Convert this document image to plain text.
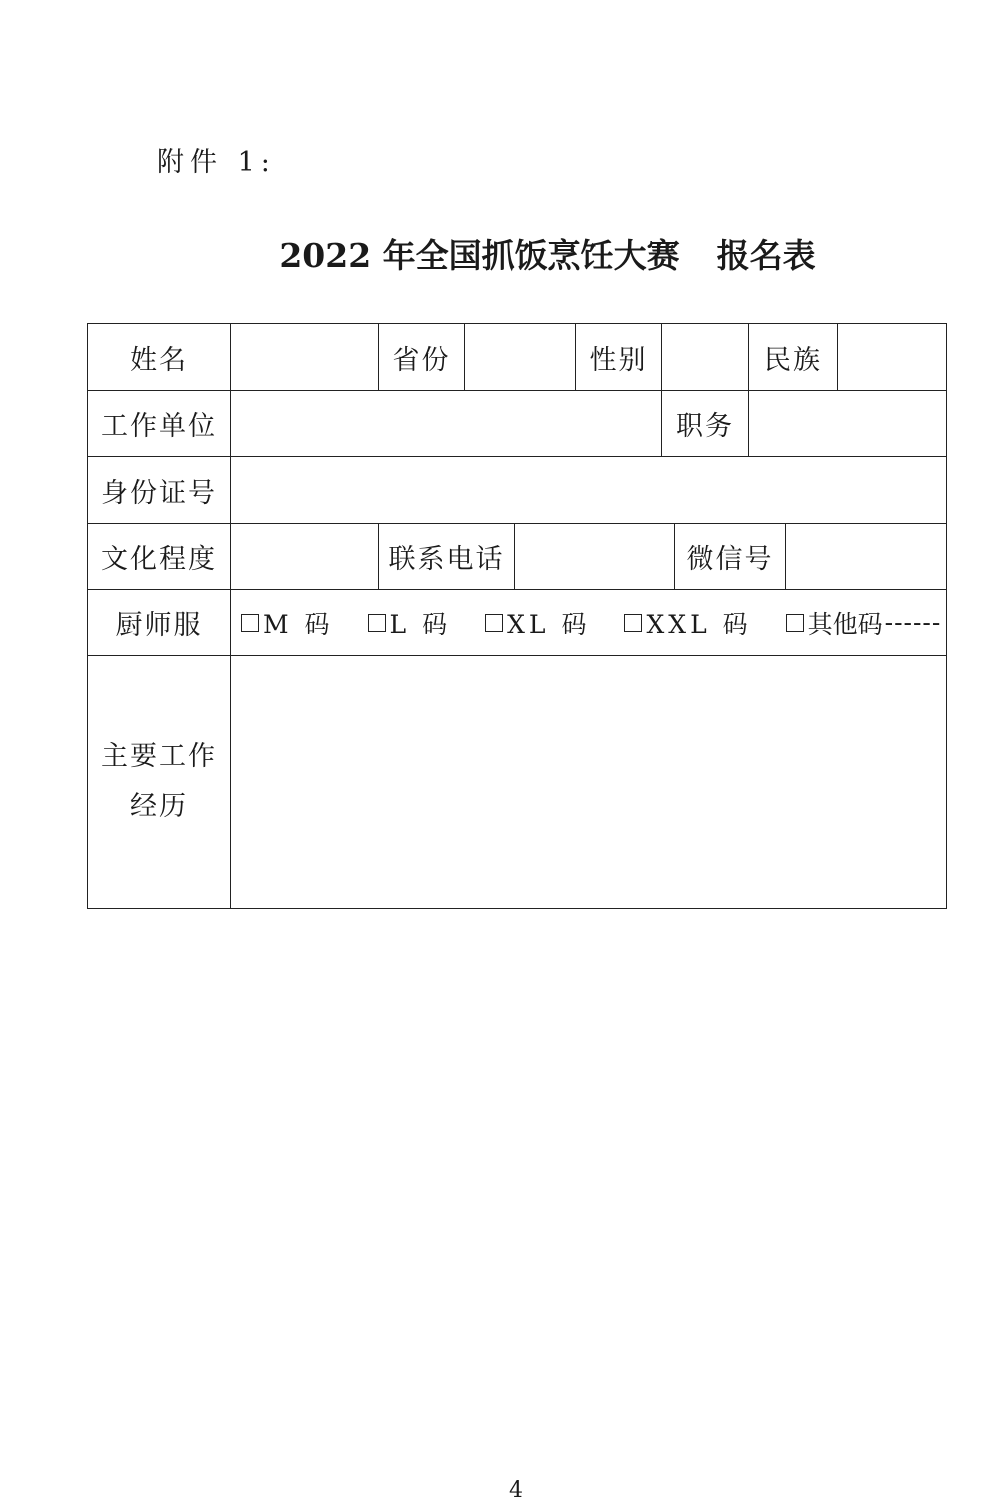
附件 1:
2022 年全国抓饭烹饪大赛 报名表
姓名	省份	性别	民族
工作单位	职务
身份证号
文化程度	联系电话	微信号
厨师服	M 码 L 码 XL 码 XXL 码 其他码 ------
主要工作
经历
4
